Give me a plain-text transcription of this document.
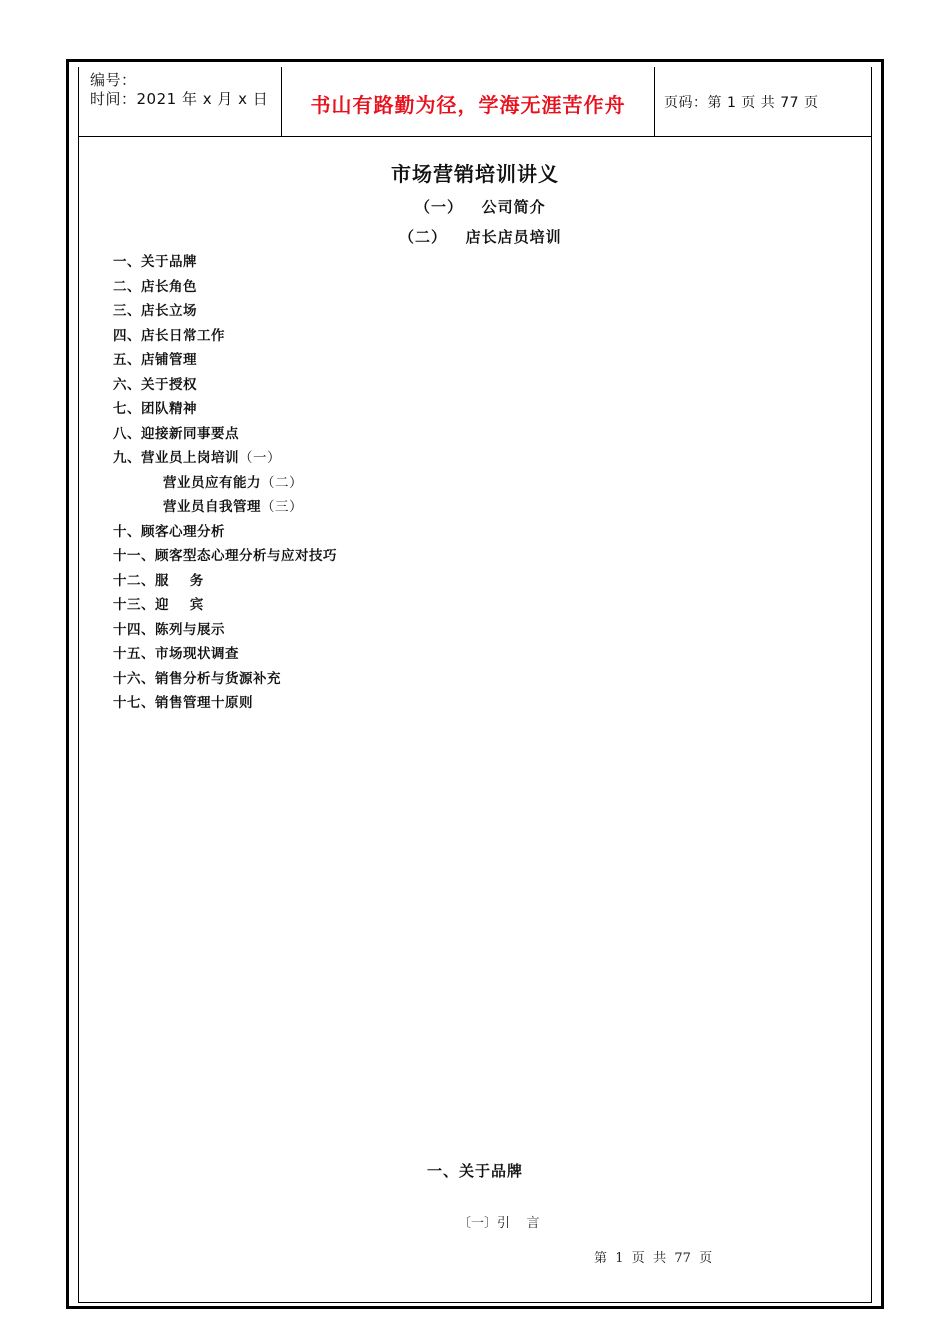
编号：
时间：2021 年 x 月 x 日	书山有路勤为径，学海无涯苦作舟	页码：第 1 页 共 77 页
市场营销培训讲义
（一）   公司简介
（二）   店长店员培训
一、关于品牌
二、店长角色
三、店长立场
四、店长日常工作
五、店铺管理
六、关于授权
七、团队精神
八、迎接新同事要点
九、营业员上岗培训（一）
营业员应有能力（二）
营业员自我管理（三）
十、顾客心理分析
十一、顾客型态心理分析与应对技巧
十二、服    务
十三、迎    宾
十四、陈列与展示
十五、市场现状调查
十六、销售分析与货源补充
十七、销售管理十原则
一、关于品牌
〔一〕引    言
第  1  页  共  77  页
